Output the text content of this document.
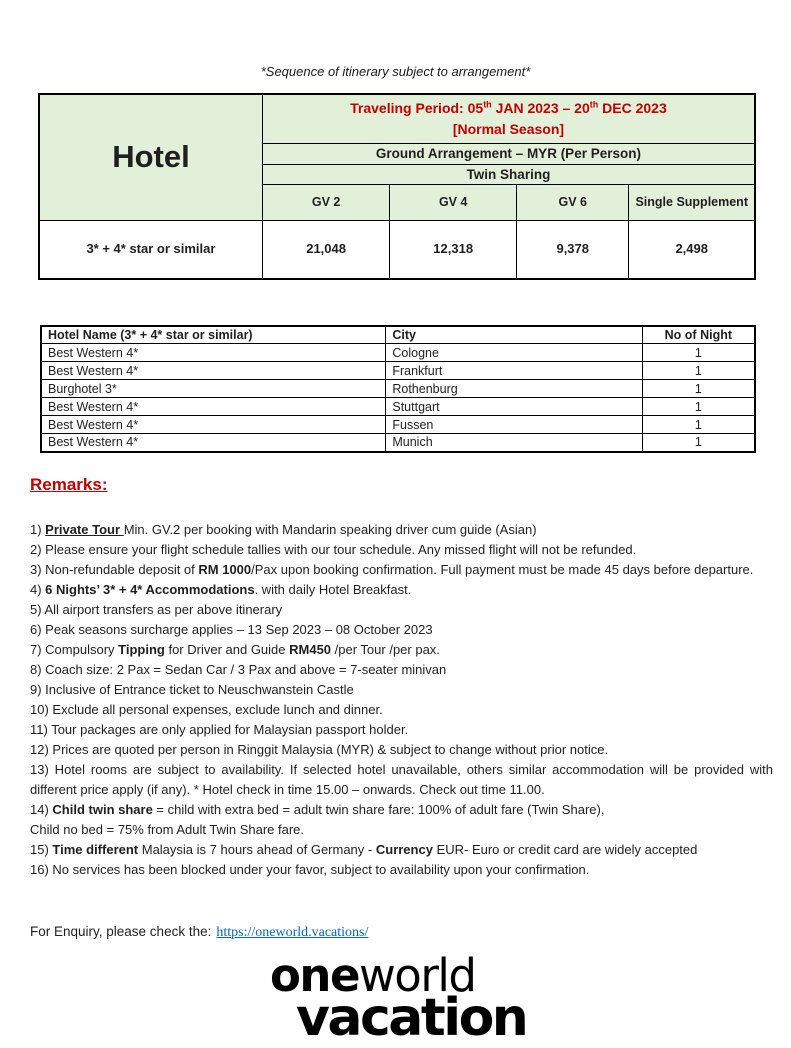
*Sequence of itinerary subject to arrangement*
Hotel	Traveling Period: 05th JAN 2023 – 20th DEC 2023
[Normal Season]			
	Ground Arrangement – MYR (Per Person)			
	Twin Sharing			
	GV 2	GV 4	GV 6	Single Supplement
3* + 4* star or similar	21,048	12,318	9,378	2,498
Hotel Name (3* + 4* star or similar)	City	No of Night
Best Western 4*	Cologne	1
Best Western 4*	Frankfurt	1
Burghotel 3*	Rothenburg	1
Best Western 4*	Stuttgart	1
Best Western 4*	Fussen	1
Best Western 4*	Munich	1
Remarks:
1) Private Tour Min. GV.2 per booking with Mandarin speaking driver cum guide (Asian)
2) Please ensure your flight schedule tallies with our tour schedule. Any missed flight will not be refunded.
3) Non-refundable deposit of RM 1000/Pax upon booking confirmation. Full payment must be made 45 days before departure.
4) 6 Nights’ 3* + 4* Accommodations. with daily Hotel Breakfast.
5) All airport transfers as per above itinerary
6) Peak seasons surcharge applies – 13 Sep 2023 – 08 October 2023
7) Compulsory Tipping for Driver and Guide RM450 /per Tour /per pax.
8) Coach size: 2 Pax = Sedan Car / 3 Pax and above = 7-seater minivan
9) Inclusive of Entrance ticket to Neuschwanstein Castle
10) Exclude all personal expenses, exclude lunch and dinner.
11) Tour packages are only applied for Malaysian passport holder.
12) Prices are quoted per person in Ringgit Malaysia (MYR) & subject to change without prior notice.
13) Hotel rooms are subject to availability. If selected hotel unavailable, others similar accommodation will be provided with different price apply (if any). * Hotel check in time 15.00 – onwards. Check out time 11.00.
14) Child twin share = child with extra bed = adult twin share fare: 100% of adult fare (Twin Share),
Child no bed = 75% from Adult Twin Share fare.
15) Time different Malaysia is 7 hours ahead of Germany - Currency EUR- Euro or credit card are widely accepted
16) No services has been blocked under your favor, subject to availability upon your confirmation.
For Enquiry, please check the: https://oneworld.vacations/
oneworld
vacation
